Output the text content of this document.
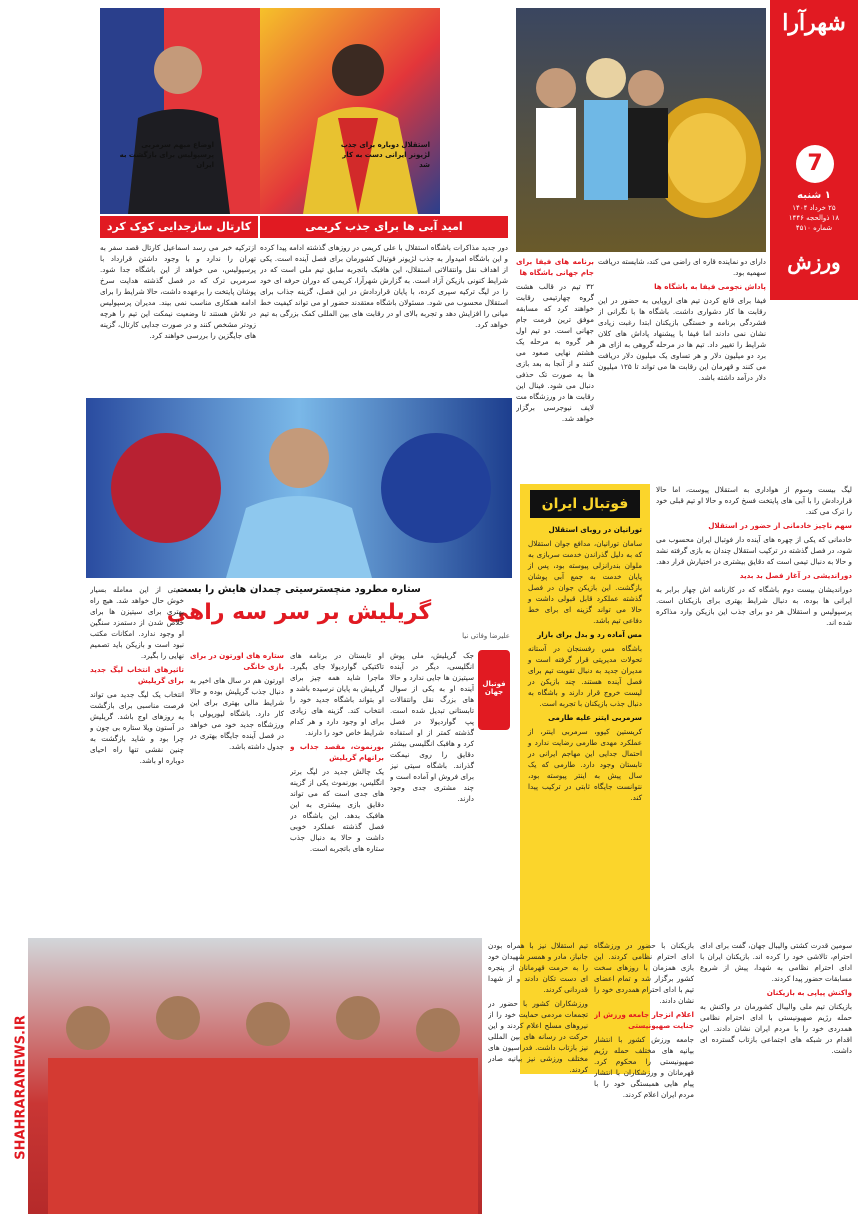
شهرآرا
7
۱ شنبه
۲۵ خرداد ۱۴۰۴
۱۸ ذوالحجه ۱۴۴۶
شماره ۴۵۱۰
ورزش
استقلال دوباره برای جذب لژیونر ایرانی دست به کار شد
اوضاع مبهم سرمربی پرسپولیس برای بازگشت به ایران
امید آبی ها برای جذب کریمی
کارتال سازجدایی کوک کرد
دور جدید مذاکرات باشگاه استقلال با علی کریمی در روزهای گذشته ادامه پیدا کرده و این باشگاه امیدوار به جذب لژیونر فوتبال کشورمان برای فصل آینده است. یکی از اهداف نقل وانتقالاتی استقلال، این هافبک باتجربه سابق تیم ملی است که در شرایط کنونی بازیکن آزاد است. به گزارش شهرآرا، کریمی که دوران حرفه ای خود را در لیگ ترکیه سپری کرده، با پایان قراردادش در این فصل، گزینه جذاب برای استقلال محسوب می شود. مسئولان باشگاه معتقدند حضور او می تواند کیفیت خط میانی را افزایش دهد و تجربه بالای او در رقابت های بین المللی کمک بزرگی به تیم خواهد کرد.
ازترکیه خبر می رسد اسماعیل کارتال قصد سفر به تهران را ندارد و با وجود داشتن قرارداد با پرسپولیس، می خواهد از این باشگاه جدا شود. سرمربی ترک که در فصل گذشته هدایت سرخ پوشان پایتخت را برعهده داشت، حالا شرایط را برای ادامه همکاری مناسب نمی بیند. مدیران پرسپولیس در تلاش هستند تا وضعیت نیمکت این تیم را هرچه زودتر مشخص کنند و در صورت جدایی کارتال، گزینه های جایگزین را بررسی خواهند کرد.

دارای دو نماینده قاره ای راضی می کند، شایسته دریافت سهمیه بود.

پاداش نجومی فیفا به باشگاه ها

فیفا برای قانع کردن تیم های اروپایی به حضور در این رقابت ها کار دشواری داشت. باشگاه ها با نگرانی از فشردگی برنامه و خستگی بازیکنان ابتدا رغبت زیادی نشان نمی دادند اما فیفا با پیشنهاد پاداش های کلان شرایط را تغییر داد. تیم ها در مرحله گروهی به ازای هر برد دو میلیون دلار و هر تساوی یک میلیون دلار دریافت می کنند و قهرمان این رقابت ها می تواند تا ۱۲۵ میلیون دلار درآمد داشته باشد.

برنامه های فیفا برای جام جهانی باشگاه ها

۳۲ تیم در قالب هشت گروه چهارتیمی رقابت خواهند کرد که مسابقه موفق ترین فرمت جام جهانی است. دو تیم اول هر گروه به مرحله یک هشتم نهایی صعود می کنند و از آنجا به بعد بازی ها به صورت تک حذفی دنبال می شود. فینال این رقابت ها در ورزشگاه مت لایف نیوجرسی برگزار خواهد شد.

ستاره مطرود منچسترسیتی چمدان هایش را بست
گریلیش بر سر سه راهی
علیرضا وفاتی نیا
فوتبال جهان

جک گریلیش، ملی پوش انگلیسی، دیگر در آینده سیتیزن ها جایی ندارد و حالا آینده او به یکی از سوال های بزرگ نقل وانتقالات تابستانی تبدیل شده است. پپ گواردیولا در فصل گذشته کمتر از او استفاده کرد و هافبک انگلیسی بیشتر دقایق را روی نیمکت گذراند. باشگاه سیتی نیز برای فروش او آماده است و چند مشتری جدی وجود دارند.

او تابستان در برنامه های تاکتیکی گواردیولا جای بگیرد. ماجرا شاید همه چیز برای گریلیش به پایان نرسیده باشد و او بتواند باشگاه جدید خود را انتخاب کند. گزینه های زیادی برای او وجود دارد و هر کدام شرایط خاص خود را دارند.

بورنموث، مقصد جذاب و برانهام گریلیش

یک چالش جدید در لیگ برتر انگلیس، بورنموث یکی از گزینه های جدی است که می تواند دقایق بازی بیشتری به این هافبک بدهد. این باشگاه در فصل گذشته عملکرد خوبی داشت و حالا به دنبال جذب ستاره های باتجربه است.

ستاره های اورتون در برای بازی خانگی

اورتون هم در سال های اخیر به دنبال جذب گریلیش بوده و حالا شرایط مالی بهتری برای این کار دارد. باشگاه لیورپولی با ورزشگاه جدید خود می خواهد در فصل آینده جایگاه بهتری در جدول داشته باشد.

سیتی از این معامله بسیار خوش حال خواهد شد. هیچ راه بهتری برای سیتیزن ها برای خلاص شدن از دستمزد سنگین او وجود ندارد. امکانات مکتب نبود است و بازیکن باید تصمیم نهایی را بگیرد.

تاثیرهای انتخاب لیگ جدید برای گریلیش

انتخاب یک لیگ جدید می تواند فرصت مناسبی برای بازگشت به روزهای اوج باشد. گریلیش در آستون ویلا ستاره بی چون و چرا بود و شاید بازگشت به چنین نقشی تنها راه احیای دوباره او باشد.

فوتبال ایران

تورانیان در روبای استقلال

سامان تورانیان، مدافع جوان استقلال که به دلیل گذراندن خدمت سربازی به ملوان بندرانزلی پیوسته بود، پس از پایان خدمت به جمع آبی پوشان بازگشت. این بازیکن جوان در فصل گذشته عملکرد قابل قبولی داشت و حالا می تواند گزینه ای برای خط دفاعی تیم باشد.

مس آماده رد و بدل برای بازار

باشگاه مس رفسنجان در آستانه تحولات مدیریتی قرار گرفته است و مدیران جدید به دنبال تقویت تیم برای فصل آینده هستند. چند بازیکن در لیست خروج قرار دارند و باشگاه به دنبال جذب بازیکنان با تجربه است.

سرمربی ایتنر علیه طارمی

کریستین کیوو، سرمربی اینتر، از عملکرد مهدی طارمی رضایت ندارد و احتمال جدایی این مهاجم ایرانی در تابستان وجود دارد. طارمی که یک سال پیش به اینتر پیوسته بود، نتوانست جایگاه ثابتی در ترکیب پیدا کند.

لیگ بیست وسوم از هواداری به استقلال پیوست، اما حالا قراردادش را با آبی های پایتخت فسخ کرده و حالا او تیم قبلی خود را ترک می کند.

سهم ناچیز خادمانی از حضور در استقلال

خادمانی که یکی از چهره های آینده دار فوتبال ایران محسوب می شود، در فصل گذشته در ترکیب استقلال چندان به بازی گرفته نشد و حالا به دنبال تیمی است که دقایق بیشتری در اختیارش قرار دهد.

دوراندیشی در آغاز فصل بد بدید

دوراندیشان بیست دوم باشگاه که در کارنامه اش چهار برابر به ایرانی ها بوده، به دنبال شرایط بهتری برای بازیکنان است. پرسپولیس و استقلال هر دو برای جذب این بازیکن وارد مذاکره شده اند.

SHAHRARANEWS.IR

سومین قدرت کشتی والیبال جهان، گفت برای ادای احترام، تالاشی خود را کرده اند. بازیکنان ایران با ادای احترام نظامی به شهدا، پیش از شروع مسابقات حضور پیدا کردند.

واکنش پیاپی به بازیکنان

بازیکنان تیم ملی والیبال کشورمان در واکنش به حمله رژیم صهیونیستی با ادای احترام نظامی همدردی خود را با مردم ایران نشان دادند. این اقدام در شبکه های اجتماعی بازتاب گسترده ای داشت.

بازیکنان با حضور در ورزشگاه ادای احترام نظامی کردند. این بازی همزمان با روزهای سخت کشور برگزار شد و تمام اعضای تیم با ادای احترام همدردی خود را نشان دادند.

اعلام انزجار جامعه ورزش از جنایت صهیونیستی

جامعه ورزش کشور با انتشار بیانیه های مختلف حمله رژیم صهیونیستی را محکوم کرد. قهرمانان و ورزشکاران با انتشار پیام هایی همبستگی خود را با مردم ایران اعلام کردند.

تیم استقلال نیز با همراه بودن جانباز، مادر و همسر شهیدان خود را به حرمت قهرمانان از پنجره ای دست تکان دادند و از شهدا قدردانی کردند.

ورزشکاران کشور با حضور در تجمعات مردمی حمایت خود را از نیروهای مسلح اعلام کردند و این حرکت در رسانه های بین المللی نیز بازتاب داشت. فدراسیون های مختلف ورزشی نیز بیانیه صادر کردند.
